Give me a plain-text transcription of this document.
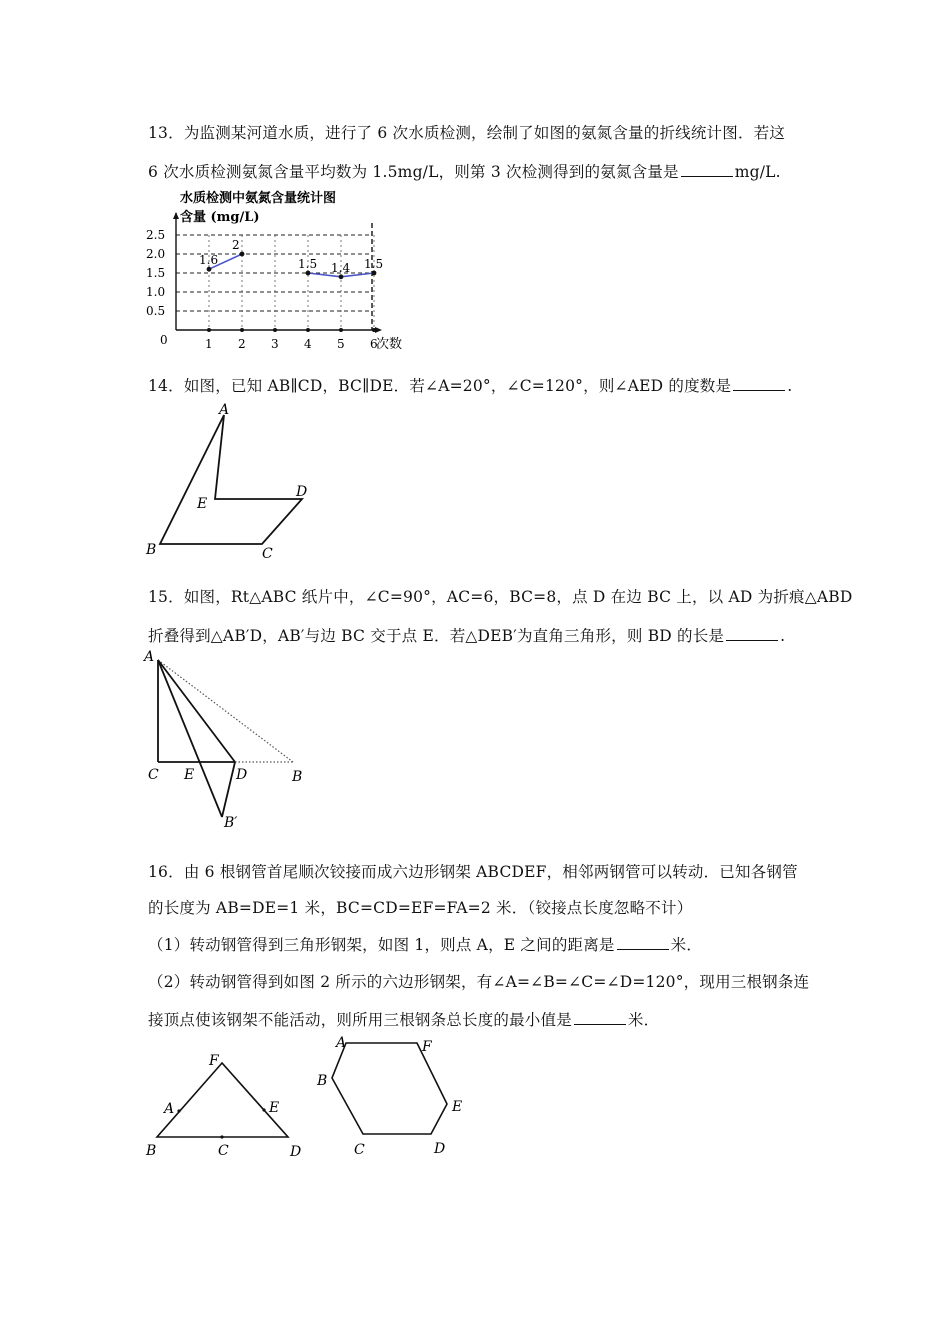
13．为监测某河道水质，进行了 6 次水质检测，绘制了如图的氨氮含量的折线统计图．若这
6 次水质检测氨氮含量平均数为 1.5mg/L，则第 3 次检测得到的氨氮含量是	mg/L.
水质检测中氨氮含量统计图
含量 (mg/L)
2.5
2.0
1.5
1.0
0.5
1 2 3 4 5 6
0	次数
1.6
2
1.5 1.4 1.5
14．如图，已知 AB∥CD，BC∥DE．若∠A=20°，∠C=120°，则∠AED 的度数是	.
A
E
D
B	C
15．如图，Rt△ABC 纸片中，∠C=90°，AC=6，BC=8，点 D 在边 BC 上，以 AD 为折痕△ABD
折叠得到△AB′D，AB′与边 BC 交于点 E．若△DEB′为直角三角形，则 BD 的长是	.
A
C E	D	B
B′
16．由 6 根钢管首尾顺次铰接而成六边形钢架 ABCDEF，相邻两钢管可以转动．已知各钢管
的长度为 AB=DE=1 米，BC=CD=EF=FA=2 米．（铰接点长度忽略不计）
（1）转动钢管得到三角形钢架，如图 1，则点 A，E 之间的距离是	米．
（2）转动钢管得到如图 2 所示的六边形钢架，有∠A=∠B=∠C=∠D=120°，现用三根钢条连
接顶点使该钢架不能活动，则所用三根钢条总长度的最小值是	米．
F
A	E
B	C	D
A	F
B
E
C	D
